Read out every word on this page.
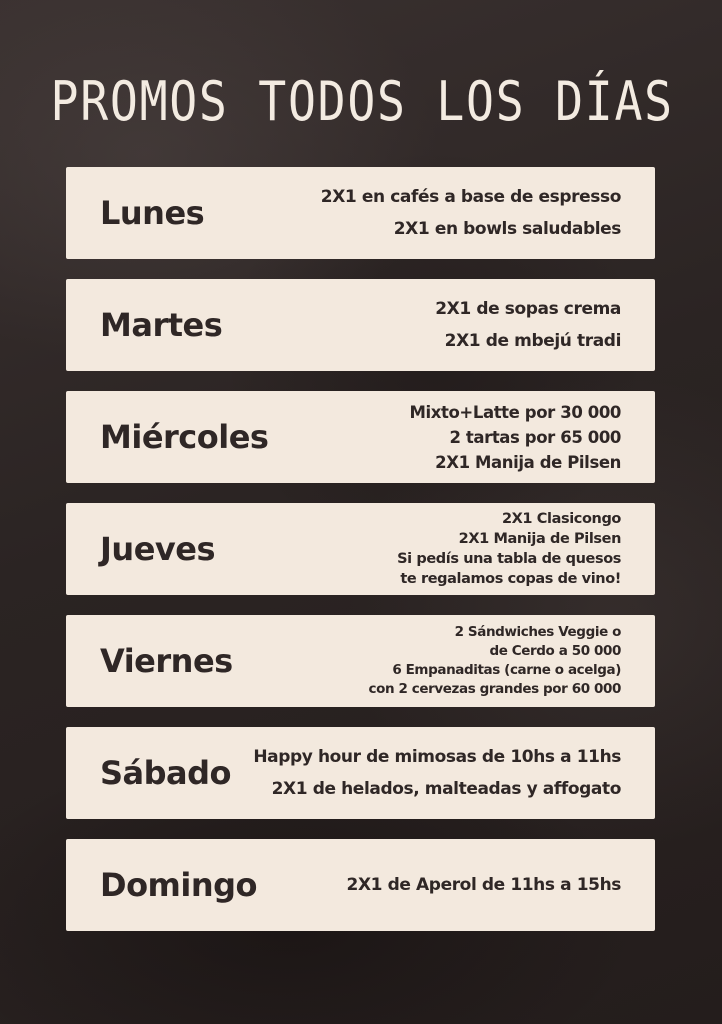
PROMOS TODOS LOS DÍAS
Lunes	2X1 en cafés a base de espresso
2X1 en bowls saludables
Martes	2X1 de sopas crema
2X1 de mbejú tradi
Miércoles
Mixto+Latte por 30 000
2 tartas por 65 000
2X1 Manija de Pilsen
Jueves
2X1 Clasicongo
2X1 Manija de Pilsen
Si pedís una tabla de quesos
te regalamos copas de vino!
Viernes
2 Sándwiches Veggie o
de Cerdo a 50 000
6 Empanaditas (carne o acelga)
con 2 cervezas grandes por 60 000
Sábado Happy hour de mimosas de 10hs a 11hs
2X1 de helados, malteadas y affogato
Domingo	2X1 de Aperol de 11hs a 15hs
